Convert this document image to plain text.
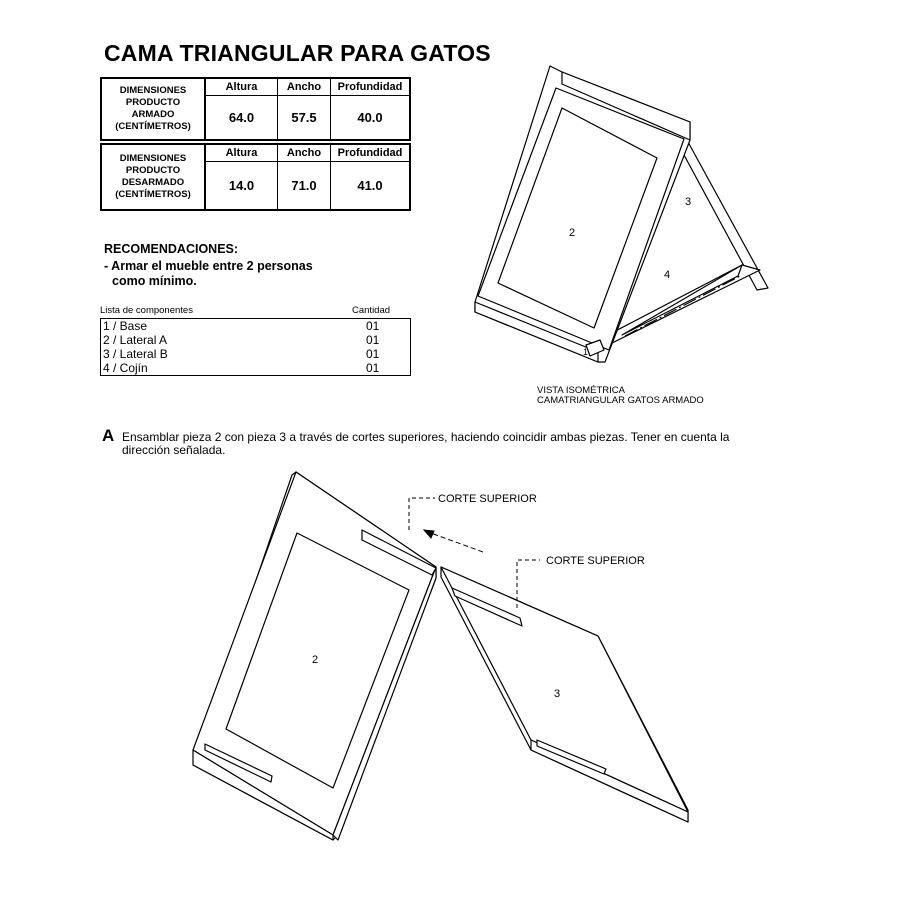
CAMA TRIANGULAR PARA GATOS
DIMENSIONES
PRODUCTO
ARMADO
(CENTÍMETROS)	Altura	Ancho	Profundidad
	64.0	57.5	40.0
DIMENSIONES
PRODUCTO
DESARMADO
(CENTÍMETROS)	Altura	Ancho	Profundidad
	14.0	71.0	41.0
RECOMENDACIONES:
- Armar el mueble entre 2 personas
como mínimo.
Lista de componentes	Cantidad
1 / Base	01
2 / Lateral A	01
3 / Lateral B	01
4 / Cojín	01
2
3
4
1
2
3
CORTE SUPERIOR
CORTE SUPERIOR
VISTA ISOMÉTRICA
CAMATRIANGULAR GATOS ARMADO
A Ensamblar pieza 2 con pieza 3 a través de cortes superiores, haciendo coincidir ambas piezas. Tener en cuenta la
dirección señalada.
